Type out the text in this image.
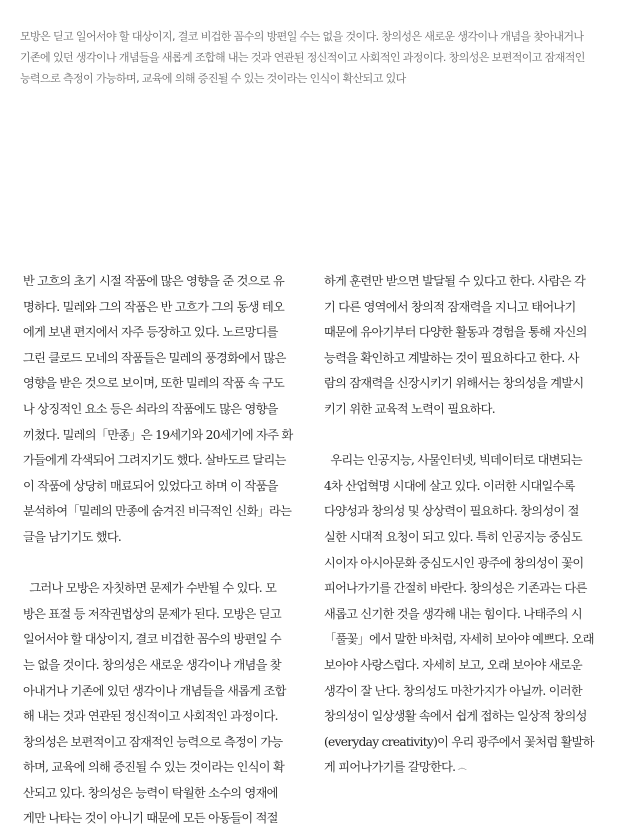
모방은 딛고 일어서야 할 대상이지, 결코 비겁한 꼼수의 방편일 수는 없을 것이다. 창의성은 새로운 생각이나 개념을 찾아내거나
기존에 있던 생각이나 개념들을 새롭게 조합해 내는 것과 연관된 정신적이고 사회적인 과정이다. 창의성은 보편적이고 잠재적인
능력으로 측정이 가능하며, 교육에 의해 증진될 수 있는 것이라는 인식이 확산되고 있다
반 고흐의 초기 시절 작품에 많은 영향을 준 것으로 유
명하다. 밀레와 그의 작품은 반 고흐가 그의 동생 테오
에게 보낸 편지에서 자주 등장하고 있다. 노르망디를
그린 클로드 모네의 작품들은 밀레의 풍경화에서 많은
영향을 받은 것으로 보이며, 또한 밀레의 작품 속 구도
나 상징적인 요소 등은 쇠라의 작품에도 많은 영향을
끼쳤다. 밀레의「만종」은 19세기와 20세기에 자주 화
가들에게 각색되어 그려지기도 했다. 살바도르 달리는
이 작품에 상당히 매료되어 있었다고 하며 이 작품을
분석하여「밀레의 만종에 숨겨진 비극적인 신화」라는
글을 남기기도 했다.
그러나 모방은 자칫하면 문제가 수반될 수 있다. 모
방은 표절 등 저작권법상의 문제가 된다. 모방은 딛고
일어서야 할 대상이지, 결코 비겁한 꼼수의 방편일 수
는 없을 것이다. 창의성은 새로운 생각이나 개념을 찾
아내거나 기존에 있던 생각이나 개념들을 새롭게 조합
해 내는 것과 연관된 정신적이고 사회적인 과정이다.
창의성은 보편적이고 잠재적인 능력으로 측정이 가능
하며, 교육에 의해 증진될 수 있는 것이라는 인식이 확
산되고 있다. 창의성은 능력이 탁월한 소수의 영재에
게만 나타는 것이 아니기 때문에 모든 아동들이 적절
하게 훈련만 받으면 발달될 수 있다고 한다. 사람은 각
기 다른 영역에서 창의적 잠재력을 지니고 태어나기
때문에 유아기부터 다양한 활동과 경험을 통해 자신의
능력을 확인하고 계발하는 것이 필요하다고 한다. 사
람의 잠재력을 신장시키기 위해서는 창의성을 계발시
키기 위한 교육적 노력이 필요하다.
우리는 인공지능, 사물인터넷, 빅데이터로 대변되는
4차 산업혁명 시대에 살고 있다. 이러한 시대일수록
다양성과 창의성 및 상상력이 필요하다. 창의성이 절
실한 시대적 요청이 되고 있다. 특히 인공지능 중심도
시이자 아시아문화 중심도시인 광주에 창의성이 꽃이
피어나가기를 간절히 바란다. 창의성은 기존과는 다른
새롭고 신기한 것을 생각해 내는 힘이다. 나태주의 시
「풀꽃」에서 말한 바처럼, 자세히 보아야 예쁘다. 오래
보아야 사랑스럽다. 자세히 보고, 오래 보아야 새로운
생각이 잘 난다. 창의성도 마찬가지가 아닐까. 이러한
창의성이 일상생활 속에서 쉽게 접하는 일상적 창의성
(everyday creativity)이 우리 광주에서 꽃처럼 활발하
게 피어나가기를 갈망한다. ෴
